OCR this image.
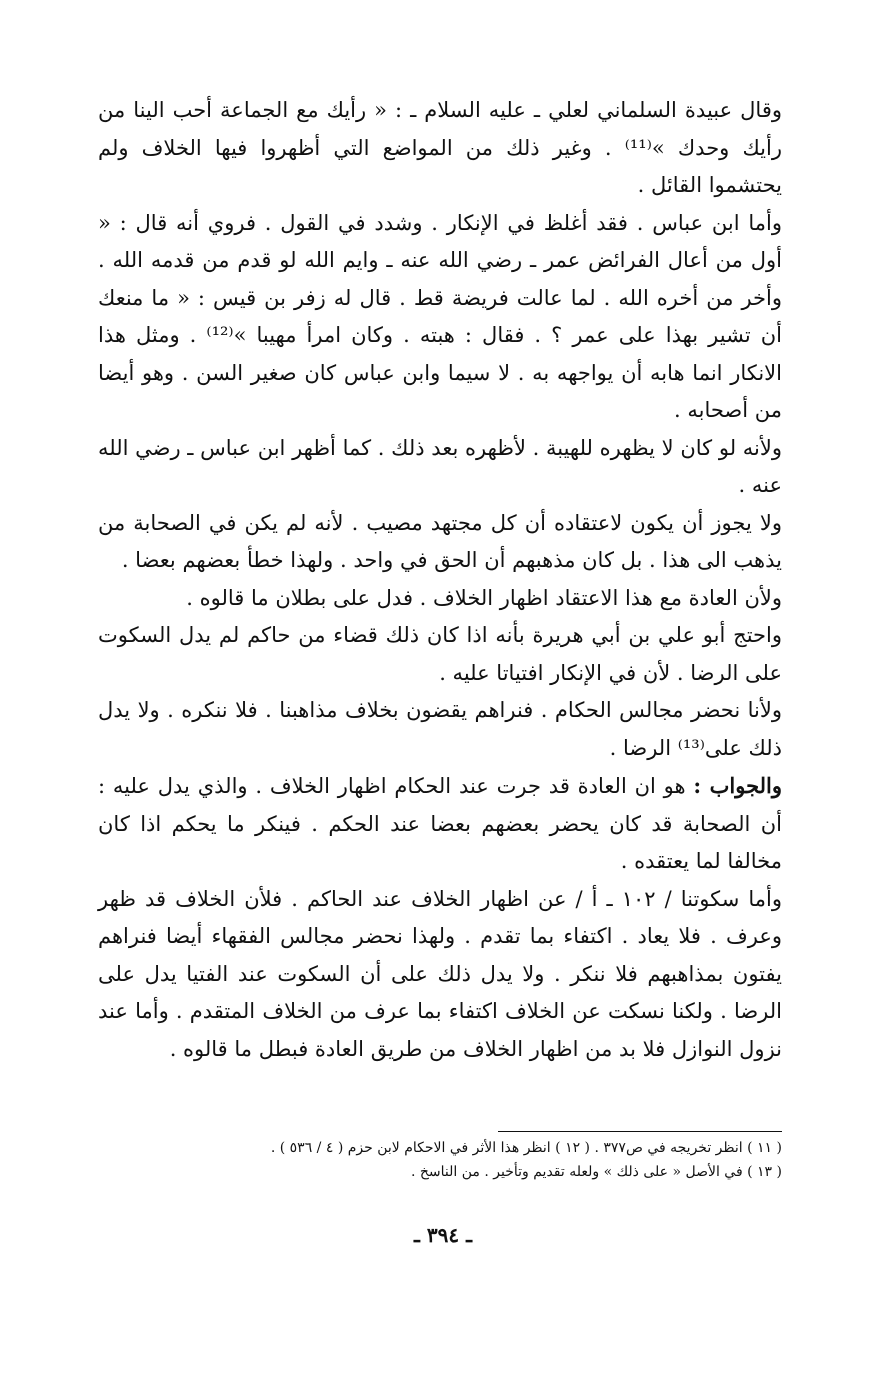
وقال عبيدة السلماني لعلي ـ عليه السلام ـ : « رأيك مع الجماعة أحب الينا من رأيك وحدك »⁽¹¹⁾ . وغير ذلك من المواضع التي أظهروا فيها الخلاف ولم يحتشموا القائل .

وأما ابن عباس . فقد أغلظ في الإنكار . وشدد في القول . فروي أنه قال : « أول من أعال الفرائض عمر ـ رضي الله عنه ـ وايم الله لو قدم من قدمه الله . وأخر من أخره الله . لما عالت فريضة قط . قال له زفر بن قيس : « ما منعك أن تشير بهذا على عمر ؟ . فقال : هبته . وكان امرأ مهيبا »⁽¹²⁾ . ومثل هذا الانكار انما هابه أن يواجهه به . لا سيما وابن عباس كان صغير السن . وهو أيضا من أصحابه .

ولأنه لو كان لا يظهره للهيبة . لأظهره بعد ذلك . كما أظهر ابن عباس ـ رضي الله عنه .

ولا يجوز أن يكون لاعتقاده أن كل مجتهد مصيب . لأنه لم يكن في الصحابة من يذهب الى هذا . بل كان مذهبهم أن الحق في واحد . ولهذا خطأ بعضهم بعضا .

ولأن العادة مع هذا الاعتقاد اظهار الخلاف . فدل على بطلان ما قالوه .

واحتج أبو علي بن أبي هريرة بأنه اذا كان ذلك قضاء من حاكم لم يدل السكوت على الرضا . لأن في الإنكار افتياتا عليه .

ولأنا نحضر مجالس الحكام . فنراهم يقضون بخلاف مذاهبنا . فلا ننكره . ولا يدل ذلك على⁽¹³⁾ الرضا .

والجواب : هو ان العادة قد جرت عند الحكام اظهار الخلاف . والذي يدل عليه : أن الصحابة قد كان يحضر بعضهم بعضا عند الحكم . فينكر ما يحكم اذا كان مخالفا لما يعتقده .

وأما سكوتنا / ١٠٢ ـ أ / عن اظهار الخلاف عند الحاكم . فلأن الخلاف قد ظهر وعرف . فلا يعاد . اكتفاء بما تقدم . ولهذا نحضر مجالس الفقهاء أيضا فنراهم يفتون بمذاهبهم فلا ننكر . ولا يدل ذلك على أن السكوت عند الفتيا يدل على الرضا . ولكنا نسكت عن الخلاف اكتفاء بما عرف من الخلاف المتقدم . وأما عند نزول النوازل فلا بد من اظهار الخلاف من طريق العادة فبطل ما قالوه .

( ١١ ) انظر تخريجه في ص٣٧٧ . ( ١٢ ) انظر هذا الأثر في الاحكام لابن حزم ( ٤ / ٥٣٦ ) .

( ١٣ ) في الأصل « على ذلك » ولعله تقديم وتأخير . من الناسخ .

ـ ٣٩٤ ـ
